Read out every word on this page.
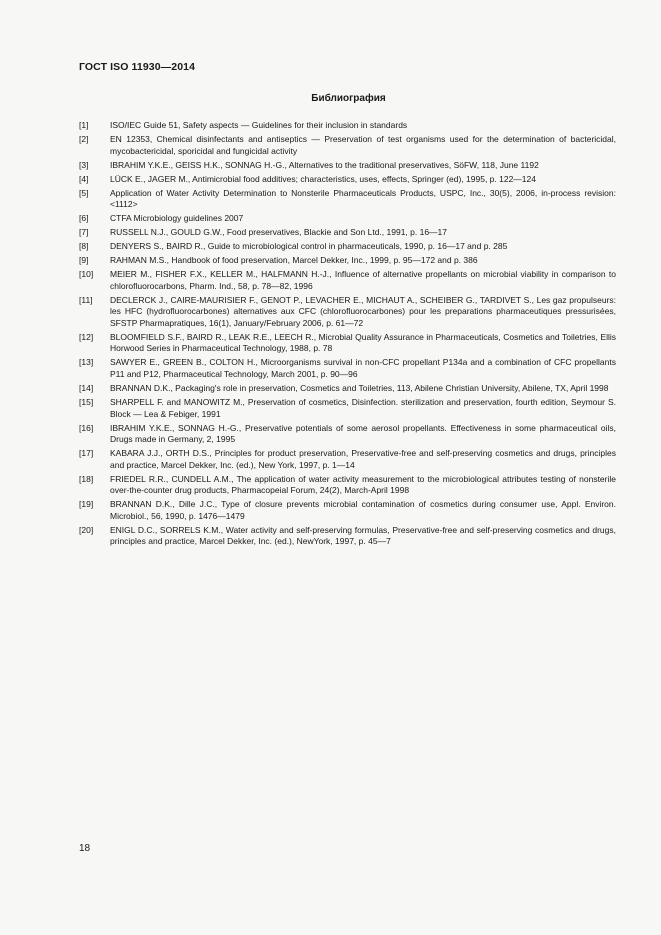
ГОСТ ISO 11930—2014
Библиография
[1]	ISO/IEC Guide 51, Safety aspects — Guidelines for their inclusion in standards
[2]	EN 12353, Chemical disinfectants and antiseptics — Preservation of test organisms used for the determination of bactericidal, mycobactericidal, sporicidal and fungicidal activity
[3]	IBRAHIM Y.K.E., GEISS H.K., SONNAG H.-G., Alternatives to the traditional preservatives, SöFW, 118, June 1192
[4]	LÜCK E., JAGER M., Antimicrobial food additives; characteristics, uses, effects, Springer (ed), 1995, p. 122—124
[5]	Application of Water Activity Determination to Nonsterile Pharmaceuticals Products, USPC, Inc., 30(5), 2006, in-process revision: <1112>
[6]	CTFA Microbiology guidelines 2007
[7]	RUSSELL N.J., GOULD G.W., Food preservatives, Blackie and Son Ltd., 1991, p. 16—17
[8]	DENYERS S., BAIRD R., Guide to microbiological control in pharmaceuticals, 1990, p. 16—17 and p. 285
[9]	RAHMAN M.S., Handbook of food preservation, Marcel Dekker, Inc., 1999, p. 95—172 and p. 386
[10]	MEIER M., FISHER F.X., KELLER M., HALFMANN H.-J., Influence of alternative propellants on microbial viability in comparison to chlorofluorocarbons, Pharm. Ind., 58, p. 78—82, 1996
[11]	DECLERCK J., CAIRE-MAURISIER F., GENOT P., LEVACHER E., MICHAUT A., SCHEIBER G., TARDIVET S., Les gaz propulseurs: les HFC (hydrofluorocarbones) alternatives aux CFC (chlorofluorocarbones) pour les preparations pharmaceutiques pressurisées, SFSTP Pharmapratiques, 16(1), January/February 2006, p. 61—72
[12]	BLOOMFIELD S.F., BAIRD R., LEAK R.E., LEECH R., Microbial Quality Assurance in Pharmaceuticals, Cosmetics and Toiletries, Ellis Horwood Series in Pharmaceutical Technology, 1988, p. 78
[13]	SAWYER E., GREEN B., COLTON H., Microorganisms survival in non-CFC propellant P134a and a combination of CFC propellants P11 and P12, Pharmaceutical Technology, March 2001, p. 90—96
[14]	BRANNAN D.K., Packaging's role in preservation, Cosmetics and Toiletries, 113, Abilene Christian University, Abilene, TX, April 1998
[15]	SHARPELL F. and MANOWITZ M., Preservation of cosmetics, Disinfection. sterilization and preservation, fourth edition, Seymour S. Block — Lea & Febiger, 1991
[16]	IBRAHIM Y.K.E., SONNAG H.-G., Preservative potentials of some aerosol propellants. Effectiveness in some pharmaceutical oils, Drugs made in Germany, 2, 1995
[17]	KABARA J.J., ORTH D.S., Principles for product preservation, Preservative-free and self-preserving cosmetics and drugs, principles and practice, Marcel Dekker, Inc. (ed.), New York, 1997, p. 1—14
[18]	FRIEDEL R.R., CUNDELL A.M., The application of water activity measurement to the microbiological attributes testing of nonsterile over-the-counter drug products, Pharmacopeial Forum, 24(2), March-April 1998
[19]	BRANNAN D.K., Dille J.C., Type of closure prevents microbial contamination of cosmetics during consumer use, Appl. Environ. Microbiol., 56, 1990, p. 1476—1479
[20]	ENIGL D.C., SORRELS K.M., Water activity and self-preserving formulas, Preservative-free and self-preserving cosmetics and drugs, principles and practice, Marcel Dekker, Inc. (ed.), NewYork, 1997, p. 45—7
18
